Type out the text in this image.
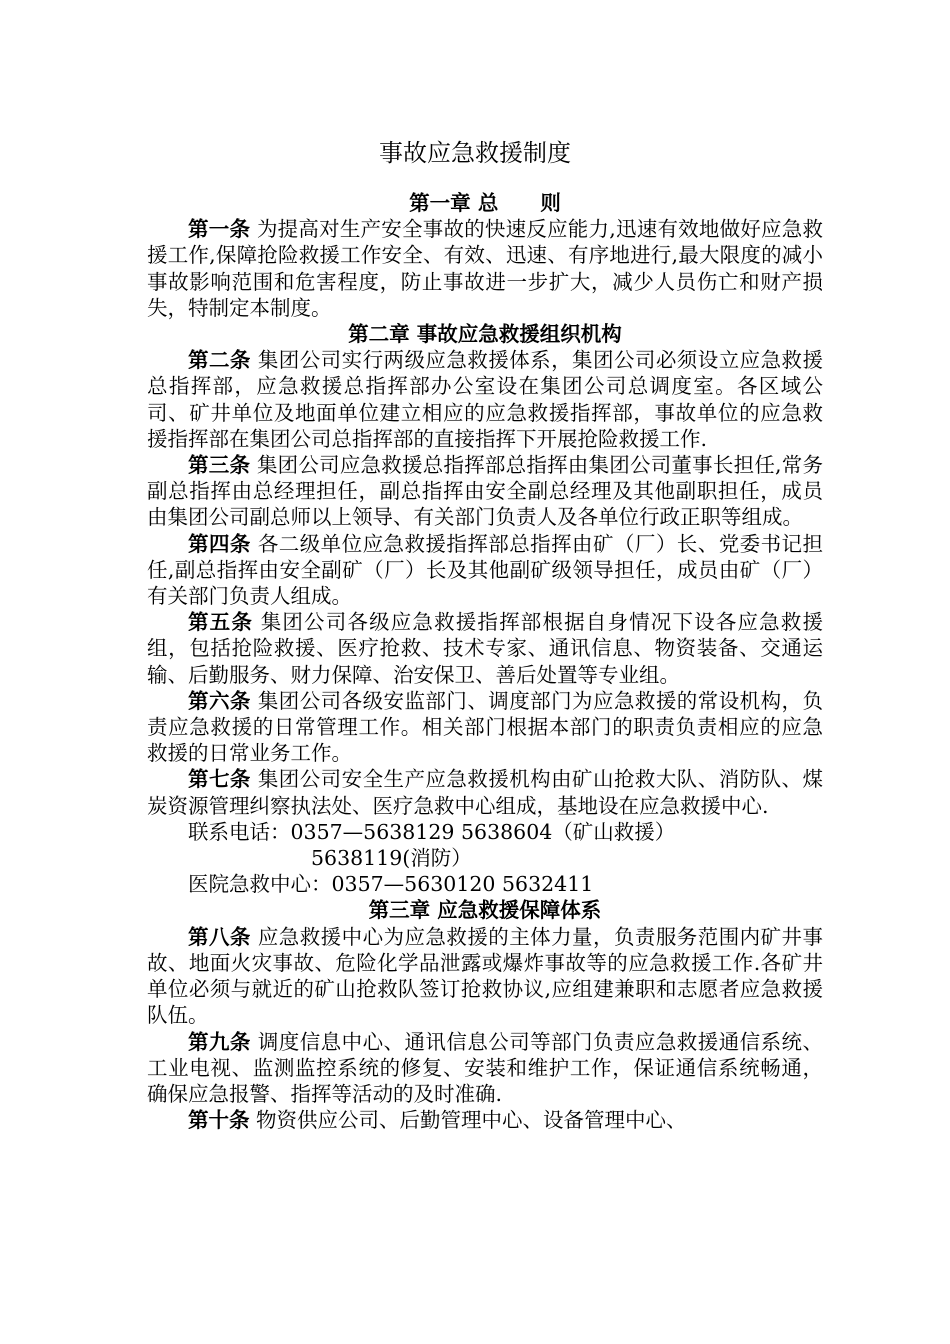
事故应急救援制度

第一章 总 则

第一条 为提高对生产安全事故的快速反应能力,迅速有效地做好应急救援工作,保障抢险救援工作安全、有效、迅速、有序地进行,最大限度的减小事故影响范围和危害程度，防止事故进一步扩大，减少人员伤亡和财产损失，特制定本制度。

第二章 事故应急救援组织机构

第二条 集团公司实行两级应急救援体系，集团公司必须设立应急救援总指挥部，应急救援总指挥部办公室设在集团公司总调度室。各区域公司、矿井单位及地面单位建立相应的应急救援指挥部，事故单位的应急救援指挥部在集团公司总指挥部的直接指挥下开展抢险救援工作.

第三条 集团公司应急救援总指挥部总指挥由集团公司董事长担任,常务副总指挥由总经理担任，副总指挥由安全副总经理及其他副职担任，成员由集团公司副总师以上领导、有关部门负责人及各单位行政正职等组成。

第四条 各二级单位应急救援指挥部总指挥由矿（厂）长、党委书记担任,副总指挥由安全副矿（厂）长及其他副矿级领导担任，成员由矿（厂）有关部门负责人组成。

第五条 集团公司各级应急救援指挥部根据自身情况下设各应急救援组，包括抢险救援、医疗抢救、技术专家、通讯信息、物资装备、交通运输、后勤服务、财力保障、治安保卫、善后处置等专业组。

第六条 集团公司各级安监部门、调度部门为应急救援的常设机构，负责应急救援的日常管理工作。相关部门根据本部门的职责负责相应的应急救援的日常业务工作。

第七条 集团公司安全生产应急救援机构由矿山抢救大队、消防队、煤炭资源管理纠察执法处、医疗急救中心组成，基地设在应急救援中心.

联系电话：0357—5638129 5638604（矿山救援）

5638119(消防）

医院急救中心：0357—5630120 5632411

第三章 应急救援保障体系

第八条 应急救援中心为应急救援的主体力量，负责服务范围内矿井事故、地面火灾事故、危险化学品泄露或爆炸事故等的应急救援工作.各矿井单位必须与就近的矿山抢救队签订抢救协议,应组建兼职和志愿者应急救援队伍。

第九条 调度信息中心、通讯信息公司等部门负责应急救援通信系统、工业电视、监测监控系统的修复、安装和维护工作，保证通信系统畅通，确保应急报警、指挥等活动的及时准确.

第十条 物资供应公司、后勤管理中心、设备管理中心、
